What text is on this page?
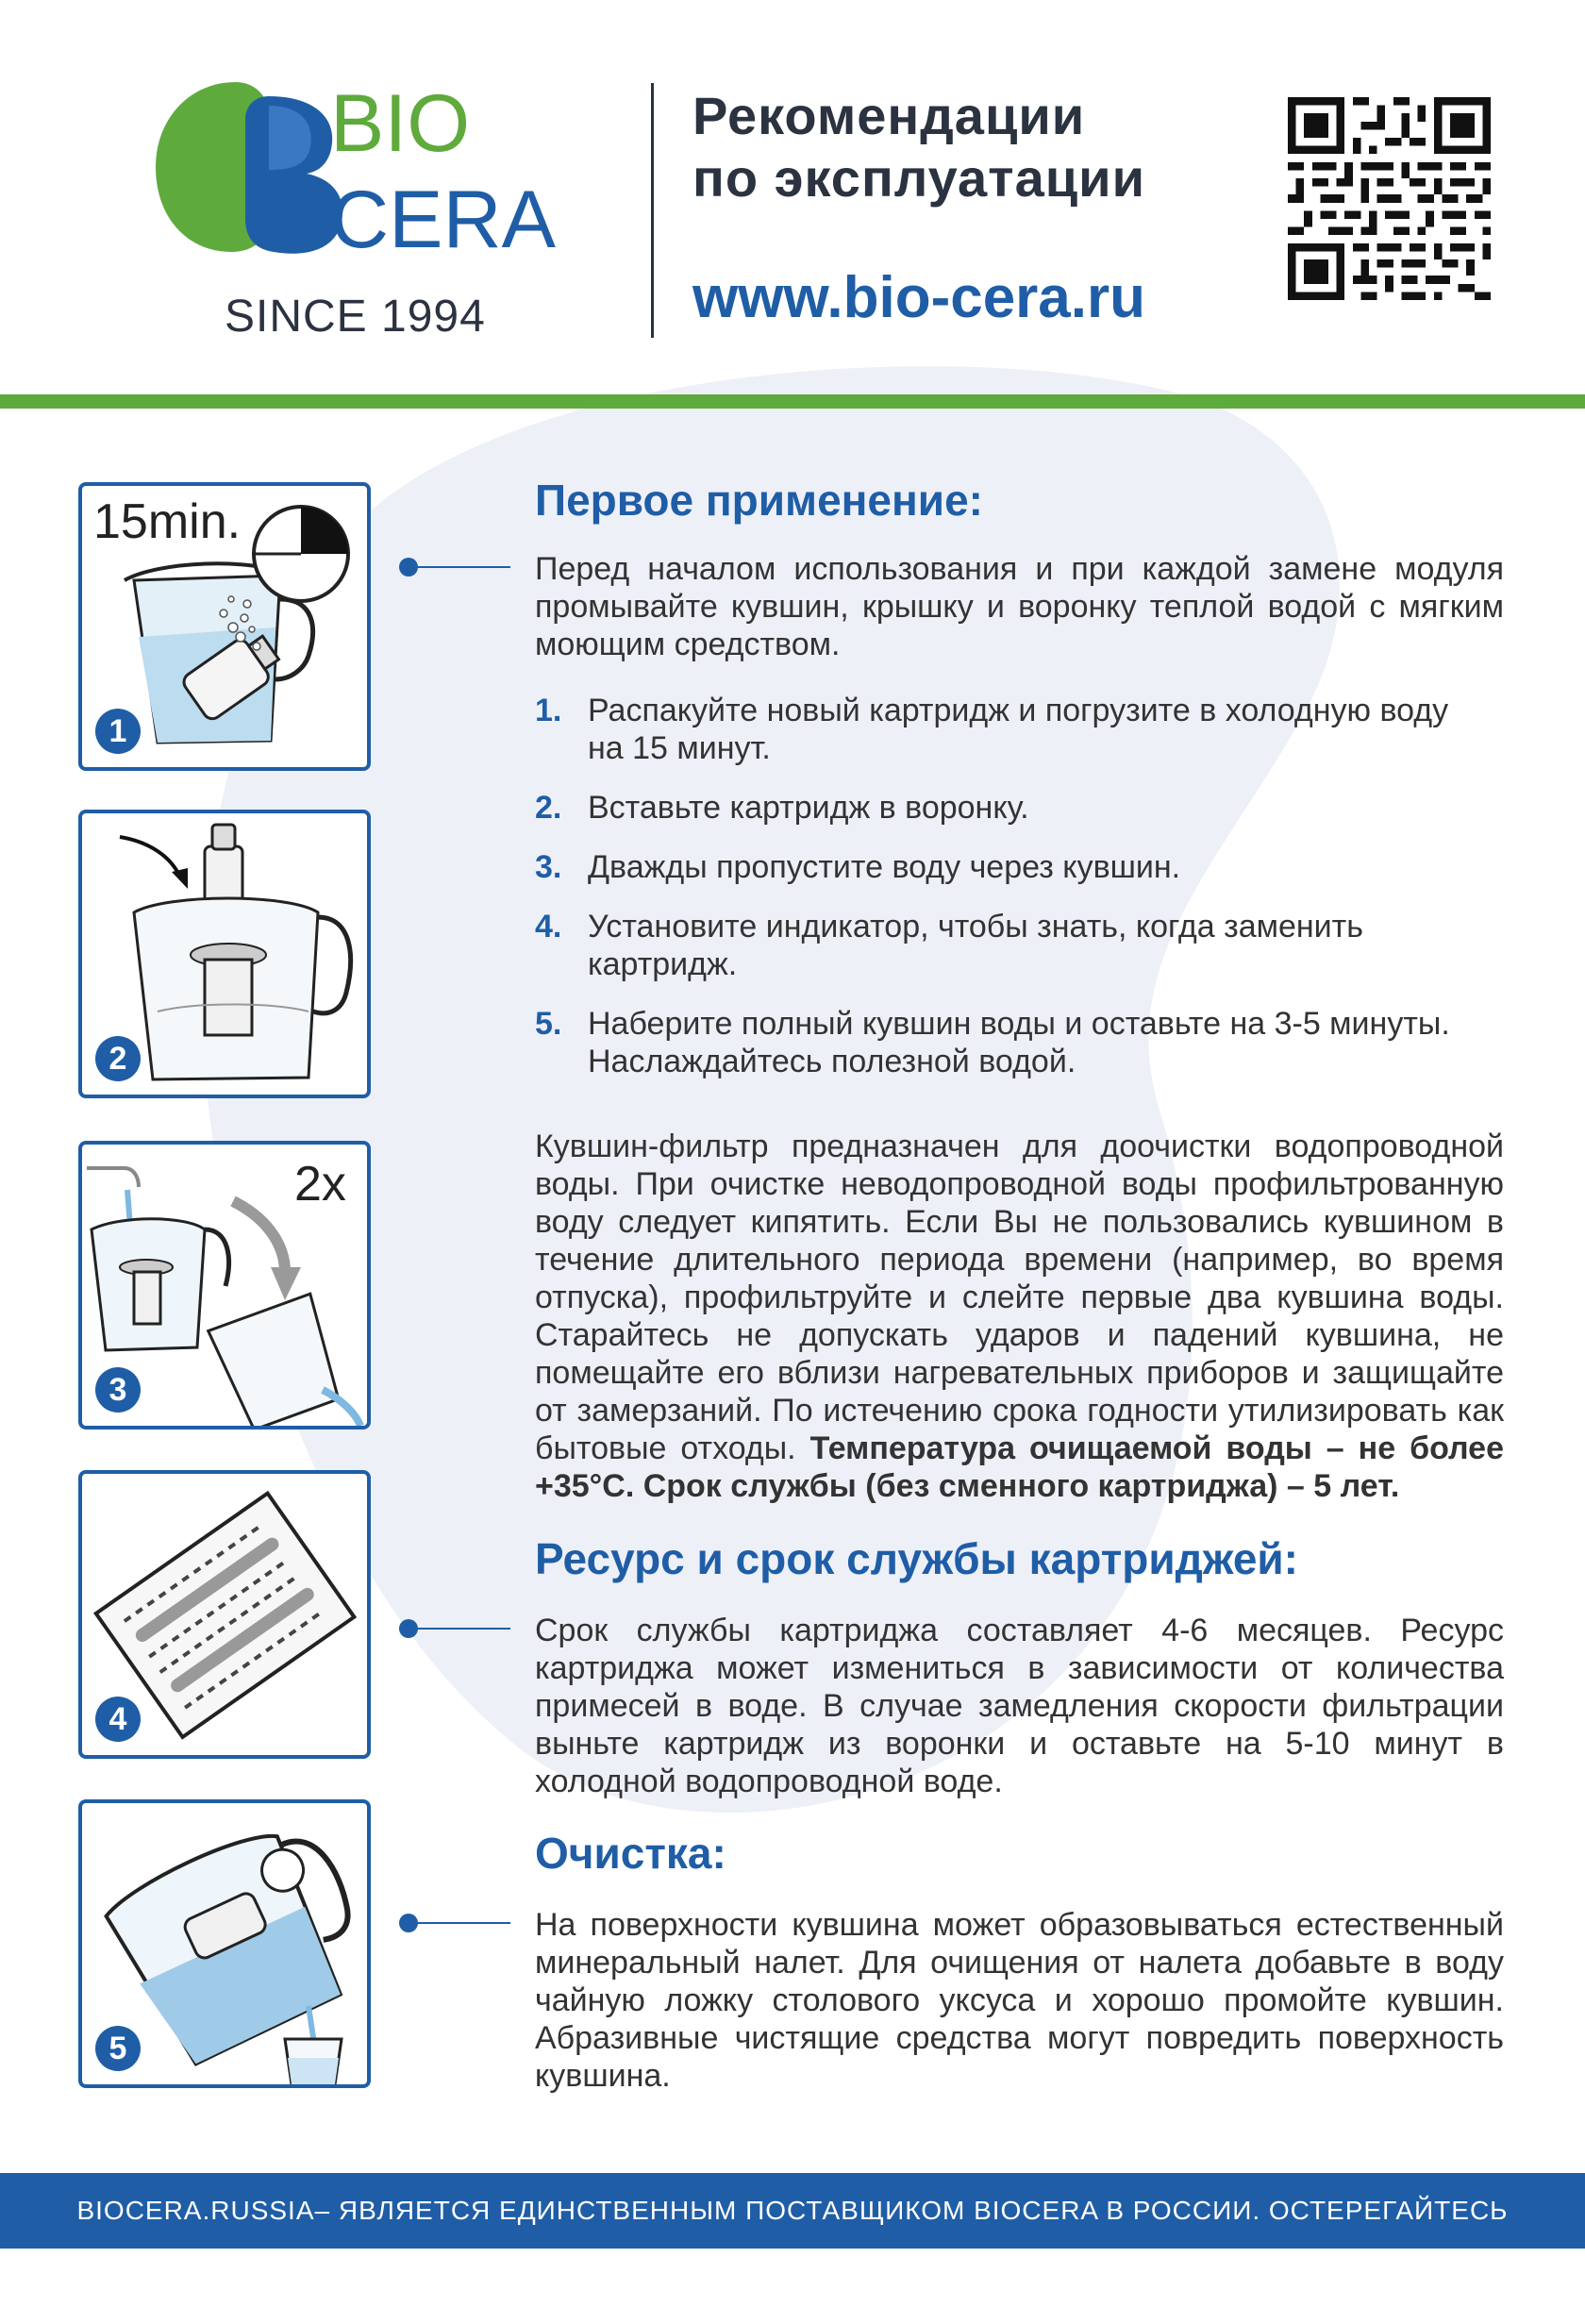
BIO
CERA
SINCE 1994
Рекомендации
по эксплуатации
www.bio-cera.ru
15min.
1
2
2x
3
4
5
Первое применение:
Перед началом использования и при каждой замене модуля промывайте кувшин, крышку и воронку теплой водой с мягким моющим средством.
1. Распакуйте новый картридж и погрузите в холодную воду на 15 минут.
2. Вставьте картридж в воронку.
3. Дважды пропустите воду через кувшин.
4. Установите индикатор, чтобы знать, когда заменить картридж.
5. Наберите полный кувшин воды и оставьте на 3-5 минуты. Наслаждайтесь полезной водой.
Кувшин-фильтр предназначен для доочистки водопроводной воды. При очистке неводопроводной воды профильтрованную воду следует кипятить. Если Вы не пользовались кувшином в течение длительного периода времени (например, во время отпуска), профильтруйте и слейте первые два кувшина воды. Старайтесь не допускать ударов и падений кувшина, не помещайте его вблизи нагревательных приборов и защищайте от замерзаний. По истечению срока годности утилизировать как бытовые отходы. Температура очищаемой воды – не более +35°С. Срок службы (без сменного картриджа) – 5 лет.
Ресурс и срок службы картриджей:
Срок службы картриджа составляет 4-6 месяцев. Ресурс картриджа может измениться в зависимости от количества примесей в воде. В случае замедления скорости фильтрации выньте картридж из воронки и оставьте на 5-10 минут в холодной водопроводной воде.
Очистка:
На поверхности кувшина может образовываться естественный минеральный налет. Для очищения от налета добавьте в воду чайную ложку столового уксуса и хорошо промойте кувшин. Абразивные чистящие средства могут повредить поверхность кувшина.
BIOCERA.RUSSIA– ЯВЛЯЕТСЯ ЕДИНСТВЕННЫМ ПОСТАВЩИКОМ BIOCERA В РОССИИ. ОСТЕРЕГАЙТЕСЬ ПОДДЕЛОК
